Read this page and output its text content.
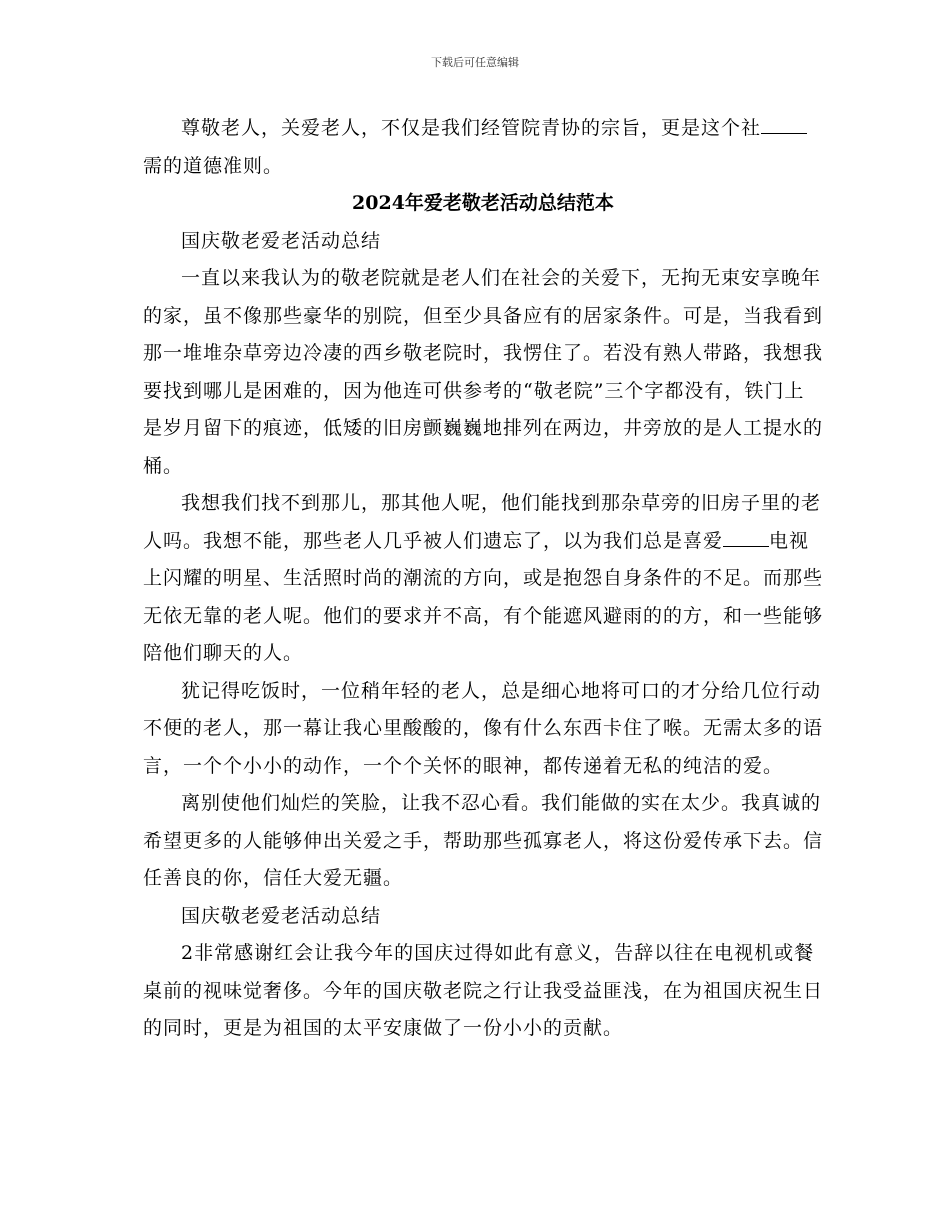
下载后可任意编辑

尊敬老人，关爱老人，不仅是我们经管院青协的宗旨，更是这个社需的道德准则。

2024年爱老敬老活动总结范本

国庆敬老爱老活动总结

一直以来我认为的敬老院就是老人们在社会的关爱下，无拘无束安享晚年的家，虽不像那些豪华的别院，但至少具备应有的居家条件。可是，当我看到那一堆堆杂草旁边冷凄的西乡敬老院时，我愣住了。若没有熟人带路，我想我要找到哪儿是困难的，因为他连可供参考的“敬老院”三个字都没有，铁门上是岁月留下的痕迹，低矮的旧房颤巍巍地排列在两边，井旁放的是人工提水的桶。

我想我们找不到那儿，那其他人呢，他们能找到那杂草旁的旧房子里的老人吗。我想不能，那些老人几乎被人们遗忘了，以为我们总是喜爱 电视上闪耀的明星、生活照时尚的潮流的方向，或是抱怨自身条件的不足。而那些无依无靠的老人呢。他们的要求并不高，有个能遮风避雨的的方，和一些能够陪他们聊天的人。

犹记得吃饭时，一位稍年轻的老人，总是细心地将可口的才分给几位行动不便的老人，那一幕让我心里酸酸的，像有什么东西卡住了喉。无需太多的语言，一个个小小的动作，一个个关怀的眼神，都传递着无私的纯洁的爱。

离别使他们灿烂的笑脸，让我不忍心看。我们能做的实在太少。我真诚的希望更多的人能够伸出关爱之手，帮助那些孤寡老人，将这份爱传承下去。信任善良的你，信任大爱无疆。

国庆敬老爱老活动总结

2非常感谢红会让我今年的国庆过得如此有意义，告辞以往在电视机或餐桌前的视味觉奢侈。今年的国庆敬老院之行让我受益匪浅，在为祖国庆祝生日的同时，更是为祖国的太平安康做了一份小小的贡献。
